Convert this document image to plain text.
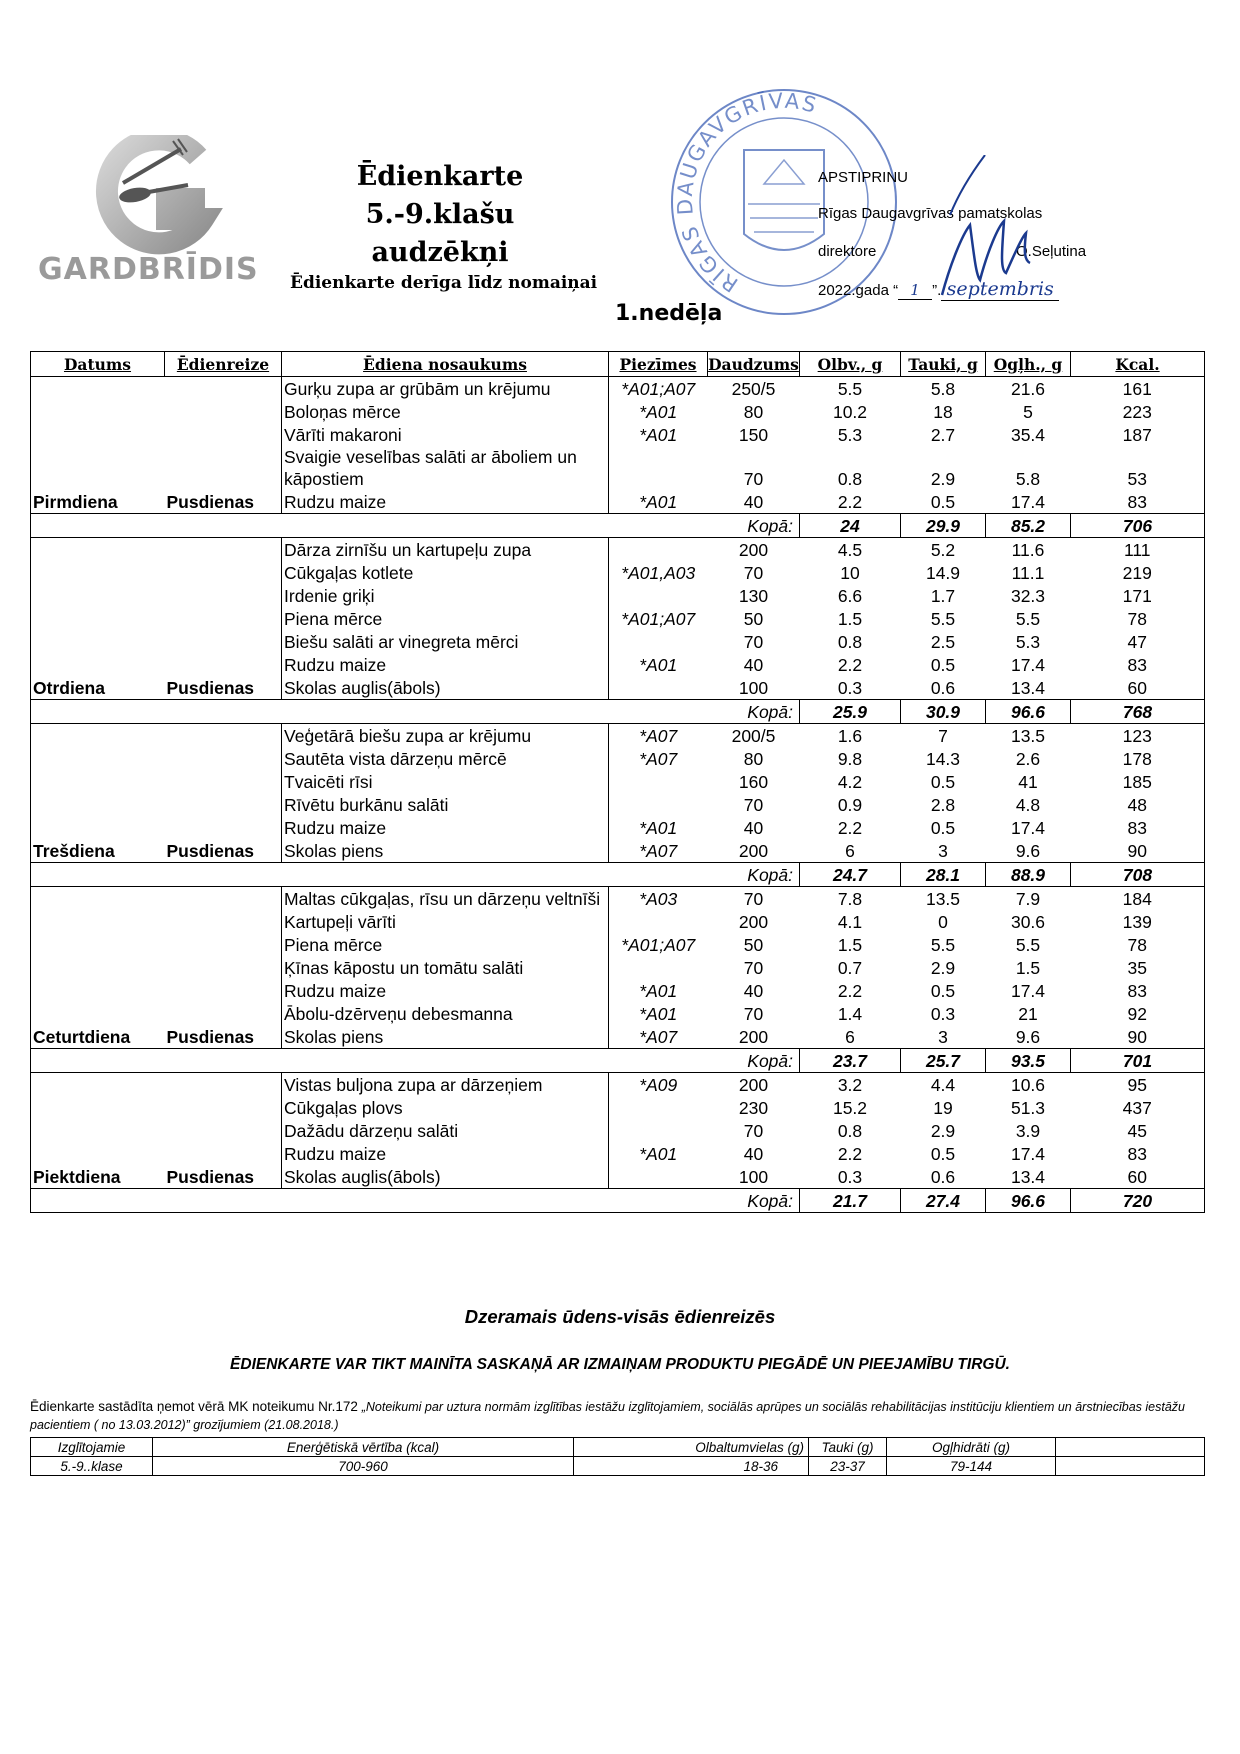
GARDBRĪDIS
Ēdienkarte
5.-9.klašu audzēkņi
Ēdienkarte derīga līdz nomaiņai
1.nedēļa
RĪGAS DAUGAVGRĪVAS
APSTIPRINU
Rīgas Daugavgrīvas pamatskolas
direktore	O.Seļutina
2022.gada “ 1 ”. septembris
Datums	Ēdienreize	Ēdiena nosaukums	Piezīmes	Daudzums	Olbv., g	Tauki, g	Ogļh., g	Kcal.
Pirmdiena	Pusdienas	Gurķu zupa ar grūbām un krējumu	*A01;A07	250/5	5.5	5.8	21.6	161
		Boloņas mērce	*A01	80	10.2	18	5	223
		Vārīti makaroni	*A01	150	5.3	2.7	35.4	187
		Svaigie veselības salāti ar āboliem un kāpostiem		70	0.8	2.9	5.8	53
		Rudzu maize	*A01	40	2.2	0.5	17.4	83
			Kopā:		24	29.9	85.2	706
Otrdiena	Pusdienas	Dārza zirnīšu un kartupeļu zupa		200	4.5	5.2	11.6	111
		Cūkgaļas kotlete	*A01,A03	70	10	14.9	11.1	219
		Irdenie griķi		130	6.6	1.7	32.3	171
		Piena mērce	*A01;A07	50	1.5	5.5	5.5	78
		Biešu salāti ar vinegreta mērci		70	0.8	2.5	5.3	47
		Rudzu maize	*A01	40	2.2	0.5	17.4	83
		Skolas auglis(ābols)		100	0.3	0.6	13.4	60
			Kopā:		25.9	30.9	96.6	768
Trešdiena	Pusdienas	Veģetārā biešu zupa ar krējumu	*A07	200/5	1.6	7	13.5	123
		Sautēta vista dārzeņu mērcē	*A07	80	9.8	14.3	2.6	178
		Tvaicēti rīsi		160	4.2	0.5	41	185
		Rīvētu burkānu salāti		70	0.9	2.8	4.8	48
		Rudzu maize	*A01	40	2.2	0.5	17.4	83
		Skolas piens	*A07	200	6	3	9.6	90
			Kopā:		24.7	28.1	88.9	708
Ceturtdiena	Pusdienas	Maltas cūkgaļas, rīsu un dārzeņu veltnīši	*A03	70	7.8	13.5	7.9	184
		Kartupeļi vārīti		200	4.1	0	30.6	139
		Piena mērce	*A01;A07	50	1.5	5.5	5.5	78
		Ķīnas kāpostu un tomātu salāti		70	0.7	2.9	1.5	35
		Rudzu maize	*A01	40	2.2	0.5	17.4	83
		Ābolu-dzērveņu debesmanna	*A01	70	1.4	0.3	21	92
		Skolas piens	*A07	200	6	3	9.6	90
			Kopā:		23.7	25.7	93.5	701
Piektdiena	Pusdienas	Vistas buljona zupa ar dārzeņiem	*A09	200	3.2	4.4	10.6	95
		Cūkgaļas plovs		230	15.2	19	51.3	437
		Dažādu dārzeņu salāti		70	0.8	2.9	3.9	45
		Rudzu maize	*A01	40	2.2	0.5	17.4	83
		Skolas auglis(ābols)		100	0.3	0.6	13.4	60
			Kopā:		21.7	27.4	96.6	720
Dzeramais ūdens-visās ēdienreizēs
ĒDIENKARTE VAR TIKT MAINĪTA SASKAŅĀ AR IZMAIŅAM PRODUKTU PIEGĀDĒ UN PIEEJAMĪBU TIRGŪ.
Ēdienkarte sastādīta ņemot vērā MK noteikumu Nr.172 „Noteikumi par uztura normām izglītības iestāžu izglītojamiem, sociālās aprūpes un sociālās rehabilitācijas institūciju klientiem un ārstniecības iestāžu pacientiem ( no 13.03.2012)” grozījumiem (21.08.2018.)
Izglītojamie	Enerģētiskā vērtība (kcal)	Olbaltumvielas (g)	Tauki (g)	Ogļhidrāti (g)	
5.-9..klase	700-960	18-36	23-37	79-144	
